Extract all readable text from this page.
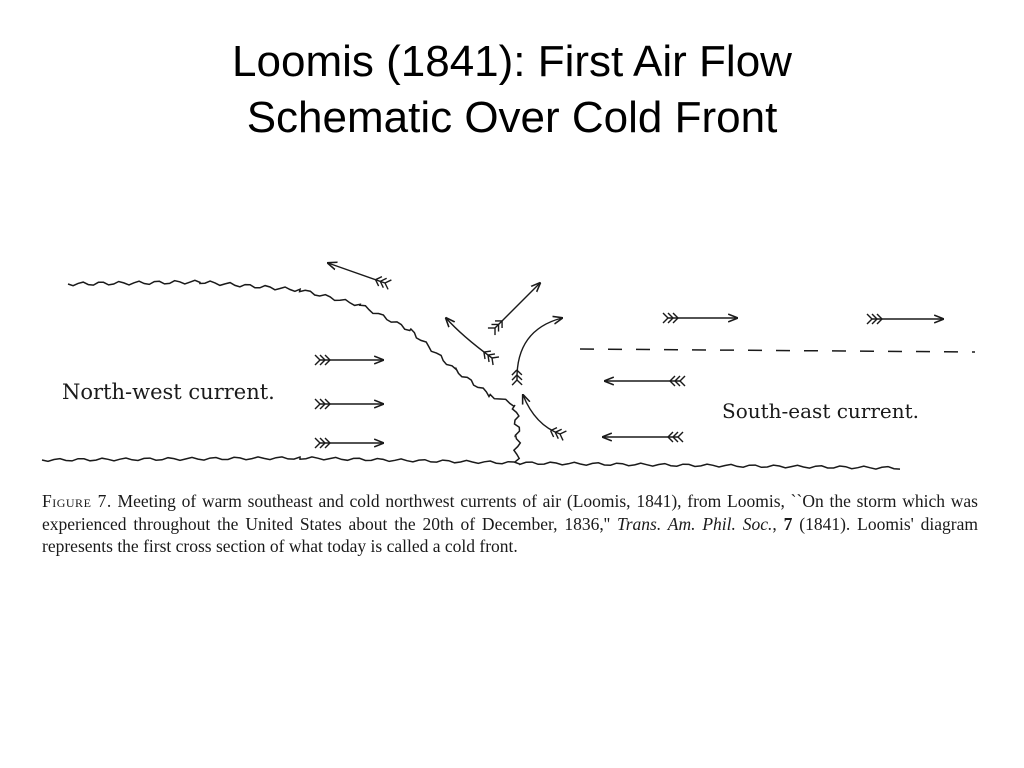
Loomis (1841): First Air Flow
Schematic Over Cold Front
North-west current.
South-east current.
Figure 7. Meeting of warm southeast and cold northwest currents of air (Loomis, 1841), from Loomis, ``On the storm which was experienced throughout the United States about the 20th of December, 1836,'' Trans. Am. Phil. Soc., 7 (1841). Loomis' diagram represents the first cross section of what today is called a cold front.
